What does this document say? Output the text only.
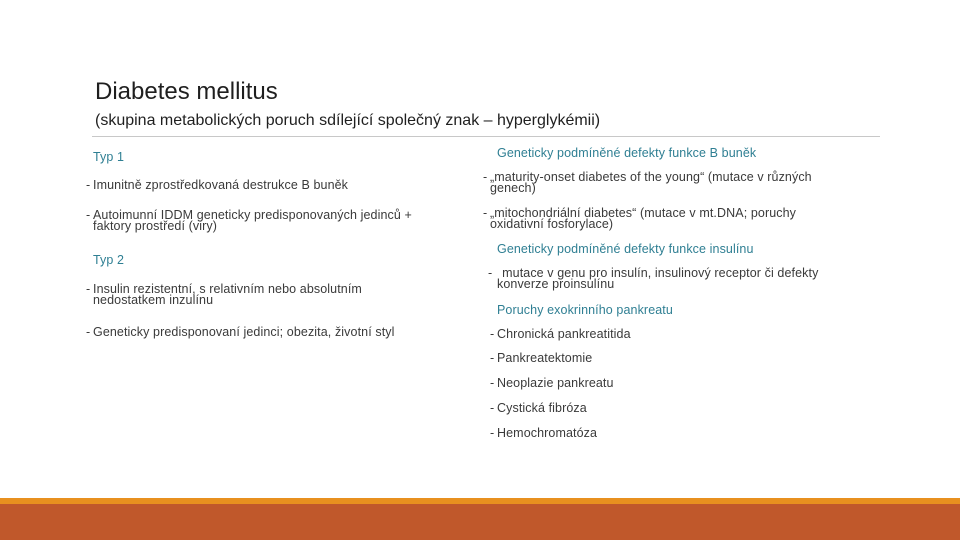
Diabetes mellitus
(skupina metabolických poruch sdílející společný znak – hyperglykémii)
Typ 1
- Imunitně zprostředkovaná destrukce B buněk
- Autoimunní IDDM geneticky predisponovaných jedinců +
faktory prostředí (viry)
Typ 2
- Insulin rezistentní, s relativním nebo absolutním
nedostatkem inzulínu
- Geneticky predisponovaní jedinci; obezita, životní styl
Geneticky podmíněné defekty funkce B buněk
- „maturity-onset diabetes of the young“ (mutace v různých
genech)
- „mitochondriální diabetes“ (mutace v mt.DNA; poruchy
oxidativní fosforylace)
Geneticky podmíněné defekty funkce insulínu
-  mutace v genu pro insulín, insulinový receptor či defekty
konverze proinsulínu
Poruchy exokrinního pankreatu
- Chronická pankreatitida
- Pankreatektomie
- Neoplazie pankreatu
- Cystická fibróza
- Hemochromatóza
